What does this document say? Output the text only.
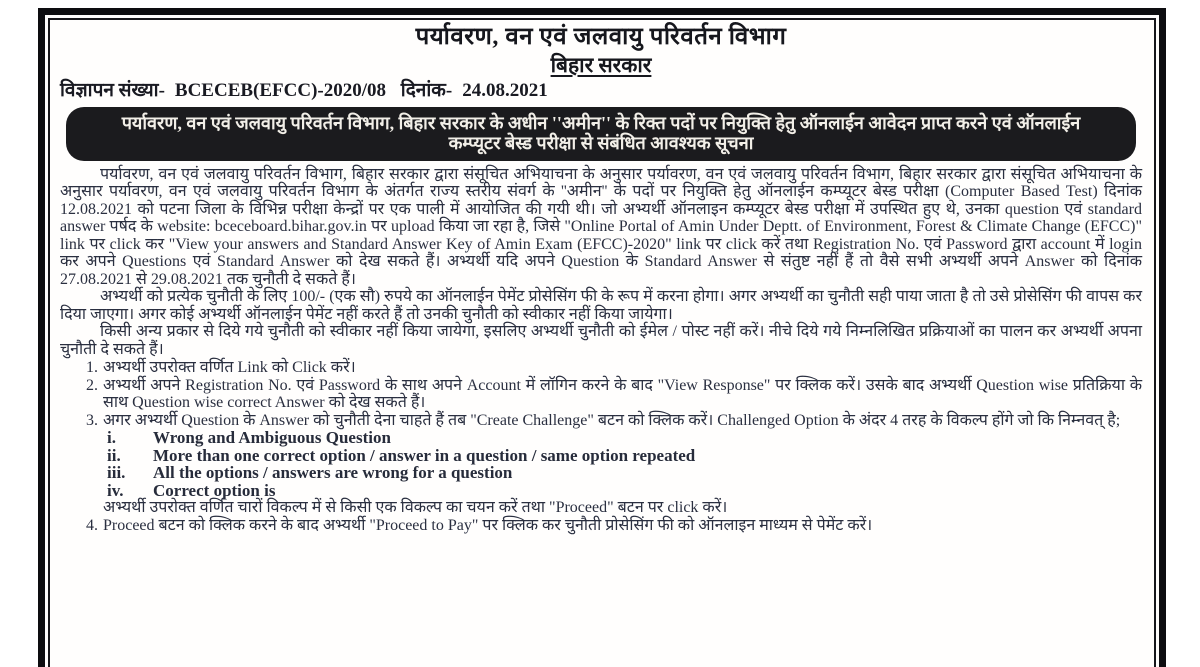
पर्यावरण, वन एवं जलवायु परिवर्तन विभाग
बिहार सरकार
विज्ञापन संख्या- BCECEB(EFCC)-2020/08 दिनांक- 24.08.2021
पर्यावरण, वन एवं जलवायु परिवर्तन विभाग, बिहार सरकार के अधीन ''अमीन'' के रिक्त पदों पर नियुक्ति हेतु ऑनलाईन आवेदन प्राप्त करने एवं ऑनलाईन कम्प्यूटर बेस्ड परीक्षा से संबंधित आवश्यक सूचना

पर्यावरण, वन एवं जलवायु परिवर्तन विभाग, बिहार सरकार द्वारा संसूचित अभियाचना के अनुसार पर्यावरण, वन एवं जलवायु परिवर्तन विभाग, बिहार सरकार द्वारा संसूचित अभियाचना के अनुसार पर्यावरण, वन एवं जलवायु परिवर्तन विभाग के अंतर्गत राज्य स्तरीय संवर्ग के ''अमीन'' के पदों पर नियुक्ति हेतु ऑनलाईन कम्प्यूटर बेस्ड परीक्षा (Computer Based Test) दिनांक 12.08.2021 को पटना जिला के विभिन्न परीक्षा केन्द्रों पर एक पाली में आयोजित की गयी थी। जो अभ्यर्थी ऑनलाइन कम्प्यूटर बेस्ड परीक्षा में उपस्थित हुए थे, उनका question एवं standard answer पर्षद के website: bceceboard.bihar.gov.in पर upload किया जा रहा है, जिसे "Online Portal of Amin Under Deptt. of Environment, Forest & Climate Change (EFCC)" link पर click कर "View your answers and Standard Answer Key of Amin Exam (EFCC)-2020" link पर click करें तथा Registration No. एवं Password द्वारा account में login कर अपने Questions एवं Standard Answer को देख सकते हैं। अभ्यर्थी यदि अपने Question के Standard Answer से संतुष्ट नहीं हैं तो वैसे सभी अभ्यर्थी अपने Answer को दिनांक 27.08.2021 से 29.08.2021 तक चुनौती दे सकते हैं।

अभ्यर्थी को प्रत्येक चुनौती के लिए 100/- (एक सौ) रुपये का ऑनलाईन पेमेंट प्रोसेसिंग फी के रूप में करना होगा। अगर अभ्यर्थी का चुनौती सही पाया जाता है तो उसे प्रोसेसिंग फी वापस कर दिया जाएगा। अगर कोई अभ्यर्थी ऑनलाईन पेमेंट नहीं करते हैं तो उनकी चुनौती को स्वीकार नहीं किया जायेगा।

किसी अन्य प्रकार से दिये गये चुनौती को स्वीकार नहीं किया जायेगा, इसलिए अभ्यर्थी चुनौती को ईमेल / पोस्ट नहीं करें। नीचे दिये गये निम्नलिखित प्रक्रियाओं का पालन कर अभ्यर्थी अपना चुनौती दे सकते हैं।

1. अभ्यर्थी उपरोक्त वर्णित Link को Click करें।
2. अभ्यर्थी अपने Registration No. एवं Password के साथ अपने Account में लॉगिन करने के बाद "View Response" पर क्लिक करें। उसके बाद अभ्यर्थी Question wise प्रतिक्रिया के साथ Question wise correct Answer को देख सकते हैं।
3. अगर अभ्यर्थी Question के Answer को चुनौती देना चाहते हैं तब "Create Challenge" बटन को क्लिक करें। Challenged Option के अंदर 4 तरह के विकल्प होंगे जो कि निम्नवत् है;
i.	Wrong and Ambiguous Question
ii.	More than one correct option / answer in a question / same option repeated
iii.	All the options / answers are wrong for a question
iv.	Correct option is
अभ्यर्थी उपरोक्त वर्णित चारों विकल्प में से किसी एक विकल्प का चयन करें तथा "Proceed" बटन पर click करें।
4. Proceed बटन को क्लिक करने के बाद अभ्यर्थी "Proceed to Pay" पर क्लिक कर चुनौती प्रोसेसिंग फी को ऑनलाइन माध्यम से पेमेंट करें।
